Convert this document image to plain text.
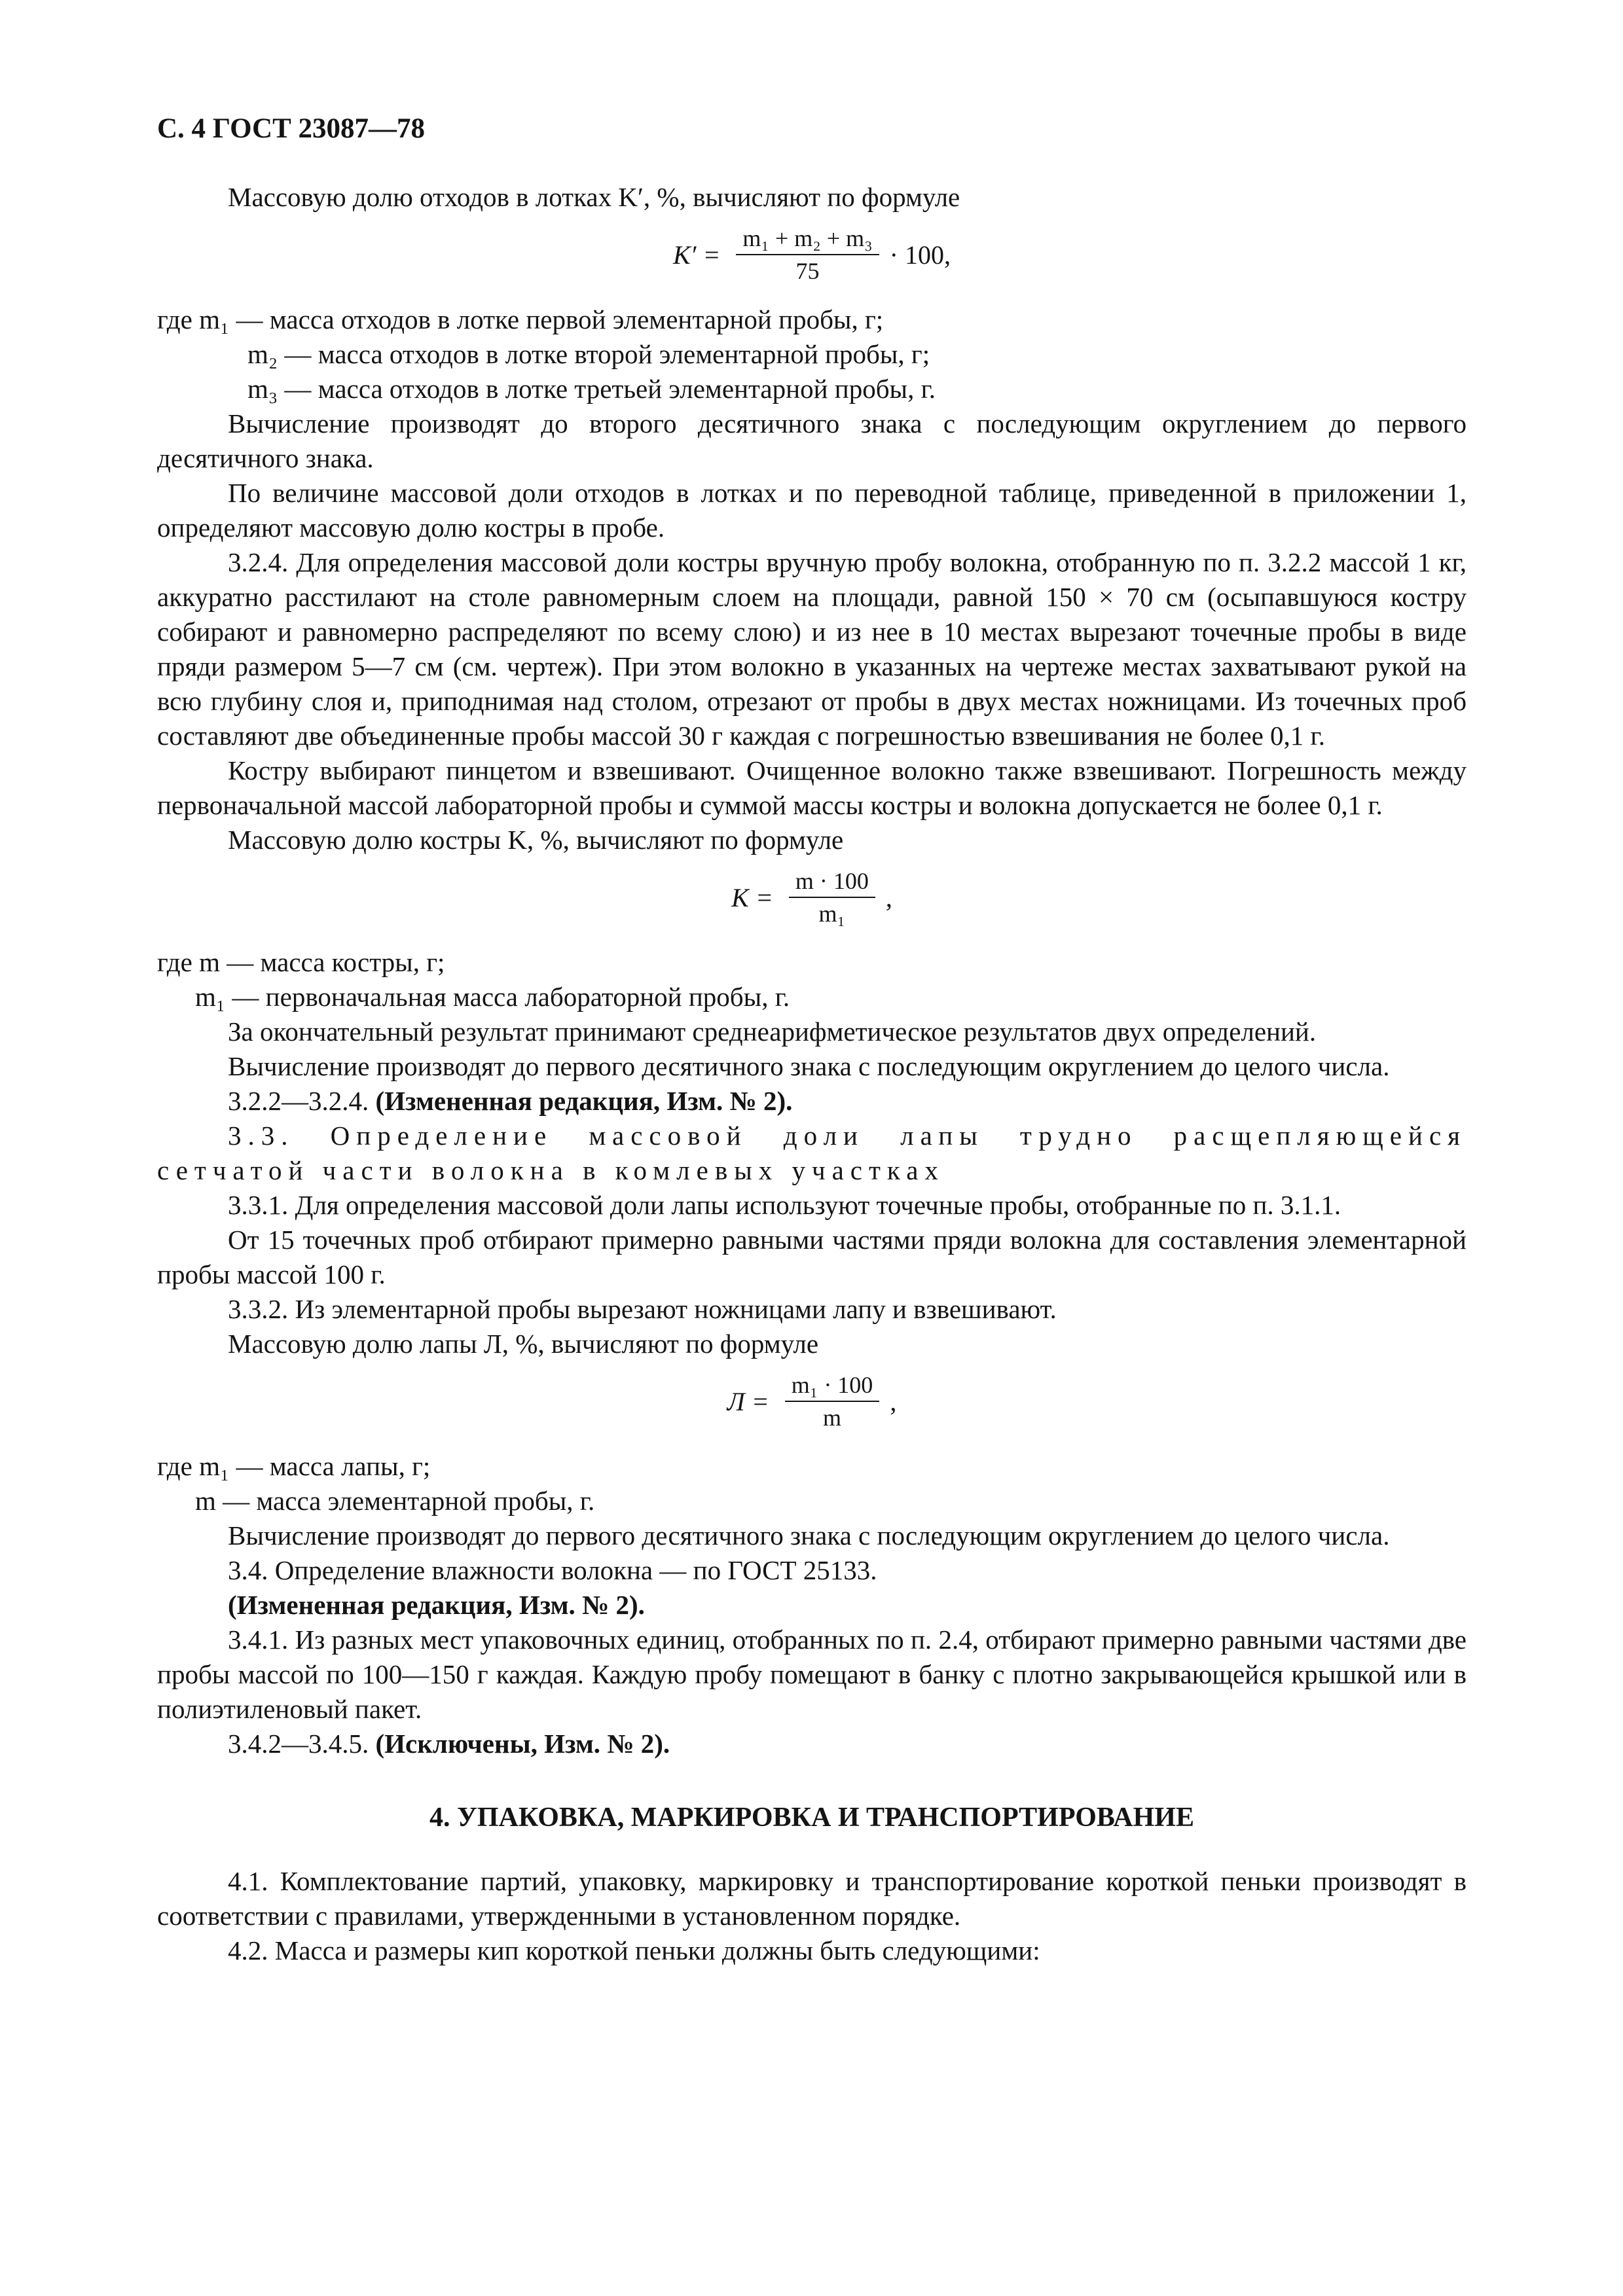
С. 4 ГОСТ 23087—78

Массовую долю отходов в лотках K′, %, вычисляют по формуле

$K' = \frac{\text{m₁ + m₂ + m₃}}{75} \cdot 100$,

где m₁ — масса отходов в лотке первой элементарной пробы, г;

m₂ — масса отходов в лотке второй элементарной пробы, г;

m₃ — масса отходов в лотке третьей элементарной пробы, г.

Вычисление производят до второго десятичного знака с последующим округлением до первого десятичного знака.

По величине массовой доли отходов в лотках и по переводной таблице, приведенной в приложении 1, определяют массовую долю костры в пробе.

3.2.4. Для определения массовой доли костры вручную пробу волокна, отобранную по п. 3.2.2 массой 1 кг, аккуратно расстилают на столе равномерным слоем на площади, равной 150 × 70 см (осыпавшуюся костру собирают и равномерно распределяют по всему слою) и из нее в 10 местах вырезают точечные пробы в виде пряди размером 5—7 см (см. чертеж). При этом волокно в указанных на чертеже местах захватывают рукой на всю глубину слоя и, приподнимая над столом, отрезают от пробы в двух местах ножницами. Из точечных проб составляют две объединенные пробы массой 30 г каждая с погрешностью взвешивания не более 0,1 г.

Костру выбирают пинцетом и взвешивают. Очищенное волокно также взвешивают. Погрешность между первоначальной массой лабораторной пробы и суммой массы костры и волокна допускается не более 0,1 г.

Массовую долю костры K, %, вычисляют по формуле

$K = \frac{m \cdot 100}{\text{m₁}}$ ,

где m — масса костры, г;

m₁ — первоначальная масса лабораторной пробы, г.

За окончательный результат принимают среднеарифметическое результатов двух определений.

Вычисление производят до первого десятичного знака с последующим округлением до целого числа.

3.2.2—3.2.4. (Измененная редакция, Изм. № 2).

3.3. Определение массовой доли лапы трудно расщепляющейся сетчатой части волокна в комлевых участках

3.3.1. Для определения массовой доли лапы используют точечные пробы, отобранные по п. 3.1.1.

От 15 точечных проб отбирают примерно равными частями пряди волокна для составления элементарной пробы массой 100 г.

3.3.2. Из элементарной пробы вырезают ножницами лапу и взвешивают.

Массовую долю лапы Л, %, вычисляют по формуле

$Л = \frac{\text{m₁ · 100}}{m}$ ,

где m₁ — масса лапы, г;

m — масса элементарной пробы, г.

Вычисление производят до первого десятичного знака с последующим округлением до целого числа.

3.4. Определение влажности волокна — по ГОСТ 25133.

(Измененная редакция, Изм. № 2).

3.4.1. Из разных мест упаковочных единиц, отобранных по п. 2.4, отбирают примерно равными частями две пробы массой по 100—150 г каждая. Каждую пробу помещают в банку с плотно закрывающейся крышкой или в полиэтиленовый пакет.

3.4.2—3.4.5. (Исключены, Изм. № 2).

4. УПАКОВКА, МАРКИРОВКА И ТРАНСПОРТИРОВАНИЕ

4.1. Комплектование партий, упаковку, маркировку и транспортирование короткой пеньки производят в соответствии с правилами, утвержденными в установленном порядке.

4.2. Масса и размеры кип короткой пеньки должны быть следующими:
